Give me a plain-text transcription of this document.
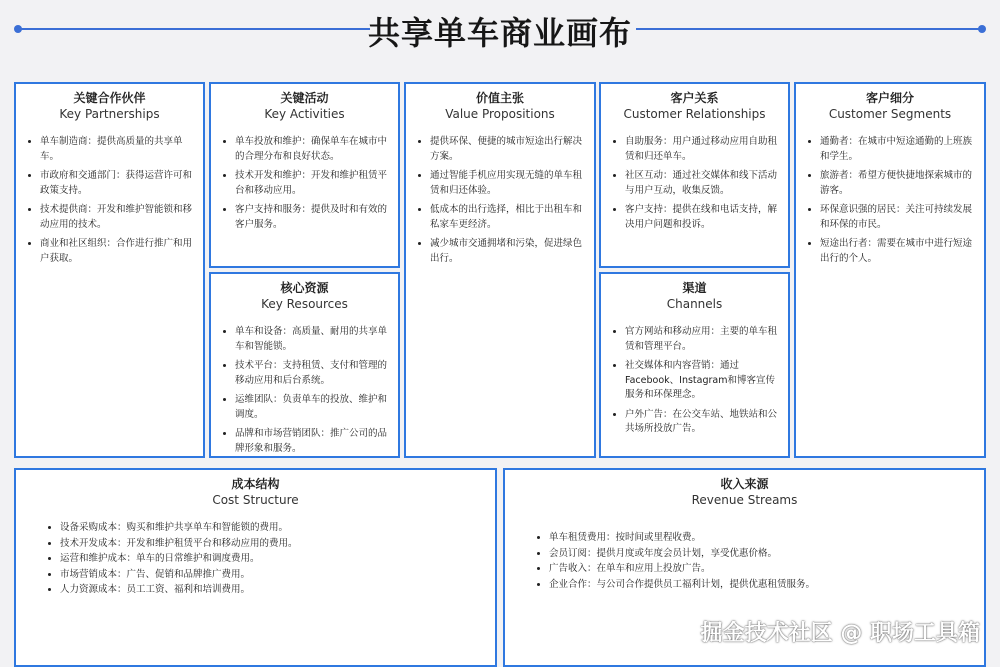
共享单车商业画布
关键合作伙伴
Key Partnerships
• 单车制造商：提供高质量的共享单车。
• 市政府和交通部门：获得运营许可和政策支持。
• 技术提供商：开发和维护智能锁和移动应用的技术。
• 商业和社区组织：合作进行推广和用户获取。
关键活动
Key Activities
• 单车投放和维护：确保单车在城市中的合理分布和良好状态。
• 技术开发和维护：开发和维护租赁平台和移动应用。
• 客户支持和服务：提供及时和有效的客户服务。
核心资源
Key Resources
• 单车和设备：高质量、耐用的共享单车和智能锁。
• 技术平台：支持租赁、支付和管理的移动应用和后台系统。
• 运维团队：负责单车的投放、维护和调度。
• 品牌和市场营销团队：推广公司的品牌形象和服务。
价值主张
Value Propositions
• 提供环保、便捷的城市短途出行解决方案。
• 通过智能手机应用实现无缝的单车租赁和归还体验。
• 低成本的出行选择，相比于出租车和私家车更经济。
• 减少城市交通拥堵和污染，促进绿色出行。
客户关系
Customer Relationships
• 自助服务：用户通过移动应用自助租赁和归还单车。
• 社区互动：通过社交媒体和线下活动与用户互动，收集反馈。
• 客户支持：提供在线和电话支持，解决用户问题和投诉。
渠道
Channels
• 官方网站和移动应用：主要的单车租赁和管理平台。
• 社交媒体和内容营销：通过Facebook、Instagram和博客宣传服务和环保理念。
• 户外广告：在公交车站、地铁站和公共场所投放广告。
客户细分
Customer Segments
• 通勤者：在城市中短途通勤的上班族和学生。
• 旅游者：希望方便快捷地探索城市的游客。
• 环保意识强的居民：关注可持续发展和环保的市民。
• 短途出行者：需要在城市中进行短途出行的个人。
成本结构
Cost Structure
• 设备采购成本：购买和维护共享单车和智能锁的费用。
• 技术开发成本：开发和维护租赁平台和移动应用的费用。
• 运营和维护成本：单车的日常维护和调度费用。
• 市场营销成本：广告、促销和品牌推广费用。
• 人力资源成本：员工工资、福利和培训费用。
收入来源
Revenue Streams
• 单车租赁费用：按时间或里程收费。
• 会员订阅：提供月度或年度会员计划，享受优惠价格。
• 广告收入：在单车和应用上投放广告。
• 企业合作：与公司合作提供员工福利计划，提供优惠租赁服务。
掘金技术社区 @ 职场工具箱
